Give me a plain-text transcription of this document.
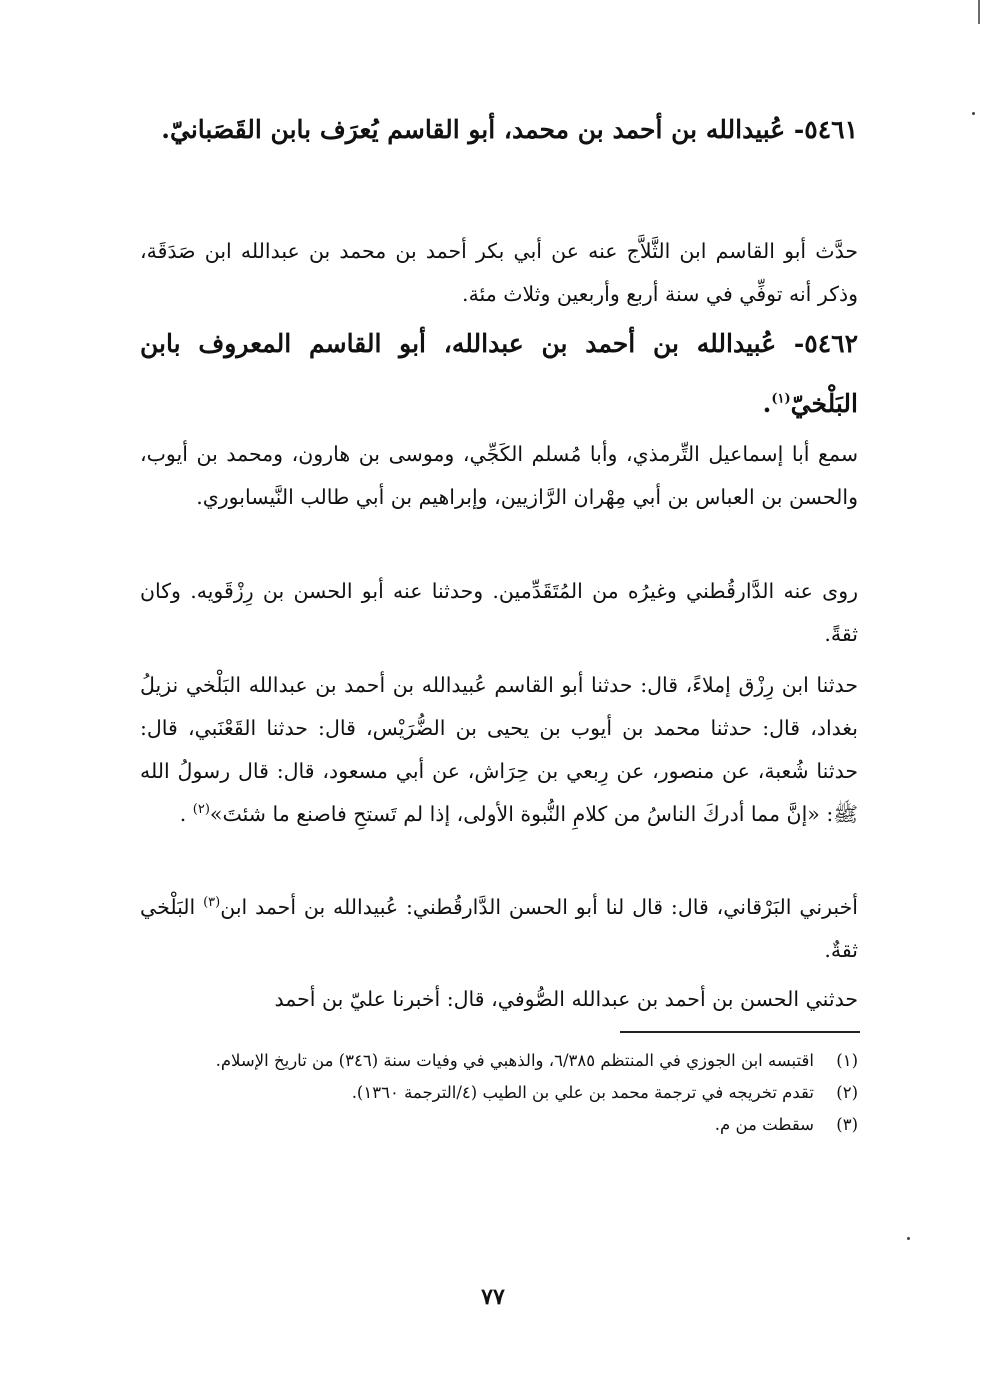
٥٤٦١- عُبيدالله بن أحمد بن محمد، أبو القاسم يُعرَف بابن القَصَبانيّ.
حدَّث أبو القاسم ابن الثَّلاَّج عنه عن أبي بكر أحمد بن محمد بن عبدالله ابن صَدَقَة، وذكر أنه توفِّي في سنة أربع وأربعين وثلاث مئة.
٥٤٦٢- عُبيدالله بن أحمد بن عبدالله، أبو القاسم المعروف بابن البَلْخيّ$^{(١)}$.
سمع أبا إسماعيل التِّرمذي، وأبا مُسلم الكَجِّي، وموسى بن هارون، ومحمد بن أيوب، والحسن بن العباس بن أبي مِهْران الرَّازيين، وإبراهيم بن أبي طالب النَّيسابوري.
روى عنه الدَّارقُطني وغيرُه من المُتَقَدِّمين. وحدثنا عنه أبو الحسن بن رِزْقَويه. وكان ثقةً.
حدثنا ابن رِزْق إملاءً، قال: حدثنا أبو القاسم عُبيدالله بن أحمد بن عبدالله البَلْخي نزيلُ بغداد، قال: حدثنا محمد بن أيوب بن يحيى بن الضُّرَيْس، قال: حدثنا القَعْنَبي، قال: حدثنا شُعبة، عن منصور، عن رِبعي بن حِرَاش، عن أبي مسعود، قال: قال رسولُ الله ﷺ: «إنَّ مما أدركَ الناسُ من كلامِ النُّبوة الأولى، إذا لم تَستحِ فاصنع ما شئتَ»$^{(٢)}$ .
أخبرني البَرْقاني، قال: قال لنا أبو الحسن الدَّارقُطني: عُبيدالله بن أحمد ابن$^{(٣)}$ البَلْخي ثقةٌ.
حدثني الحسن بن أحمد بن عبدالله الصُّوفي، قال: أخبرنا عليّ بن أحمد
(١)
اقتبسه ابن الجوزي في المنتظم ٦/٣٨٥، والذهبي في وفيات سنة (٣٤٦) من تاريخ الإسلام.
(٢)
تقدم تخريجه في ترجمة محمد بن علي بن الطيب (٤/الترجمة ١٣٦٠).
(٣)
سقطت من م.
٧٧
